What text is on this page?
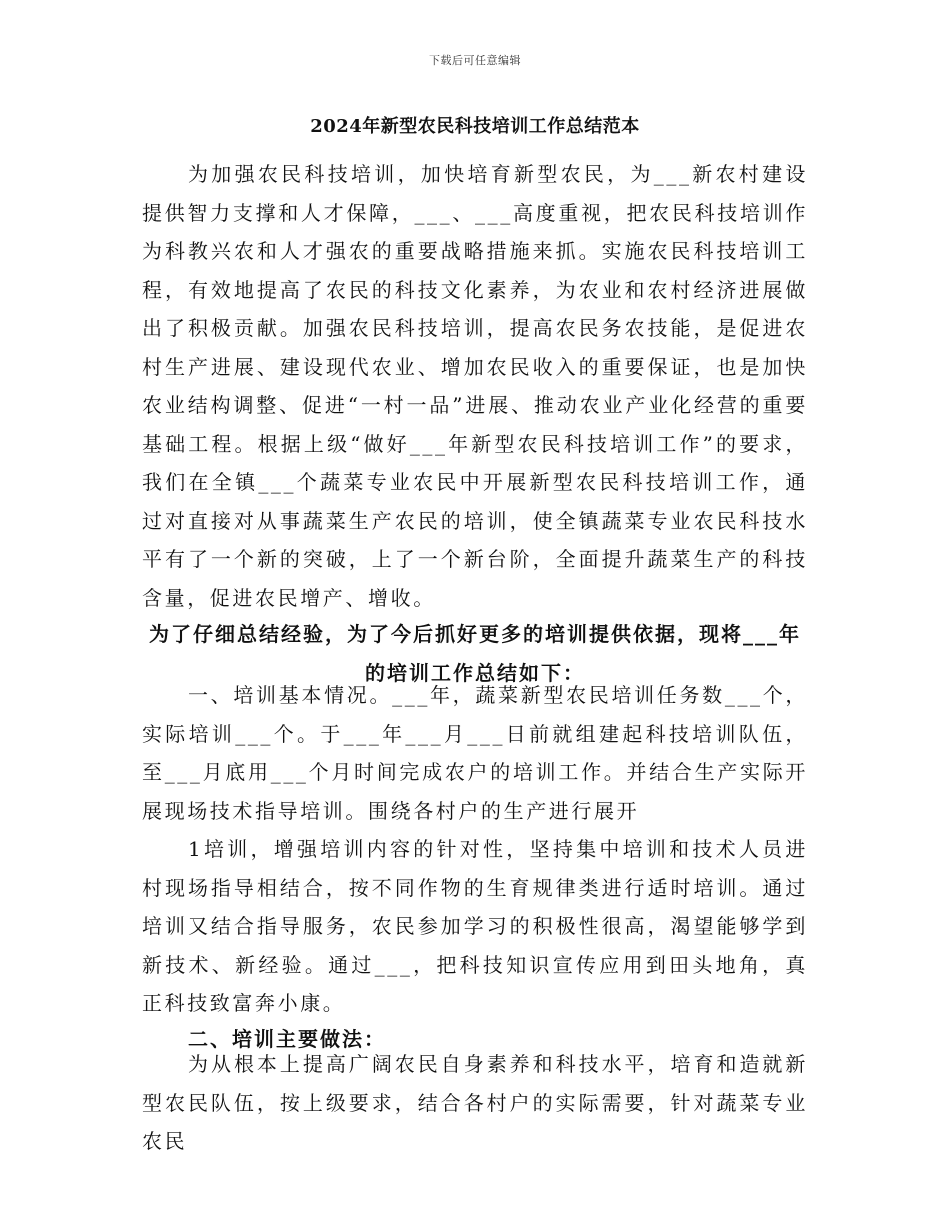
下载后可任意编辑
2024年新型农民科技培训工作总结范本

为加强农民科技培训，加快培育新型农民，为___新农村建设提供智力支撑和人才保障，___、___高度重视，把农民科技培训作为科教兴农和人才强农的重要战略措施来抓。实施农民科技培训工程，有效地提高了农民的科技文化素养，为农业和农村经济进展做出了积极贡献。加强农民科技培训，提高农民务农技能，是促进农村生产进展、建设现代农业、增加农民收入的重要保证，也是加快农业结构调整、促进“一村一品”进展、推动农业产业化经营的重要基础工程。根据上级“做好___年新型农民科技培训工作”的要求，我们在全镇___个蔬菜专业农民中开展新型农民科技培训工作，通过对直接对从事蔬菜生产农民的培训，使全镇蔬菜专业农民科技水平有了一个新的突破，上了一个新台阶，全面提升蔬菜生产的科技含量，促进农民增产、增收。

为了仔细总结经验，为了今后抓好更多的培训提供依据，现将___年的培训工作总结如下：

一、培训基本情况。___年，蔬菜新型农民培训任务数___个，实际培训___个。于___年___月___日前就组建起科技培训队伍，至___月底用___个月时间完成农户的培训工作。并结合生产实际开展现场技术指导培训。围绕各村户的生产进行展开

1培训，增强培训内容的针对性，坚持集中培训和技术人员进村现场指导相结合，按不同作物的生育规律类进行适时培训。通过培训又结合指导服务，农民参加学习的积极性很高，渴望能够学到新技术、新经验。通过___，把科技知识宣传应用到田头地角，真正科技致富奔小康。

二、培训主要做法：

为从根本上提高广阔农民自身素养和科技水平，培育和造就新型农民队伍，按上级要求，结合各村户的实际需要，针对蔬菜专业农民
